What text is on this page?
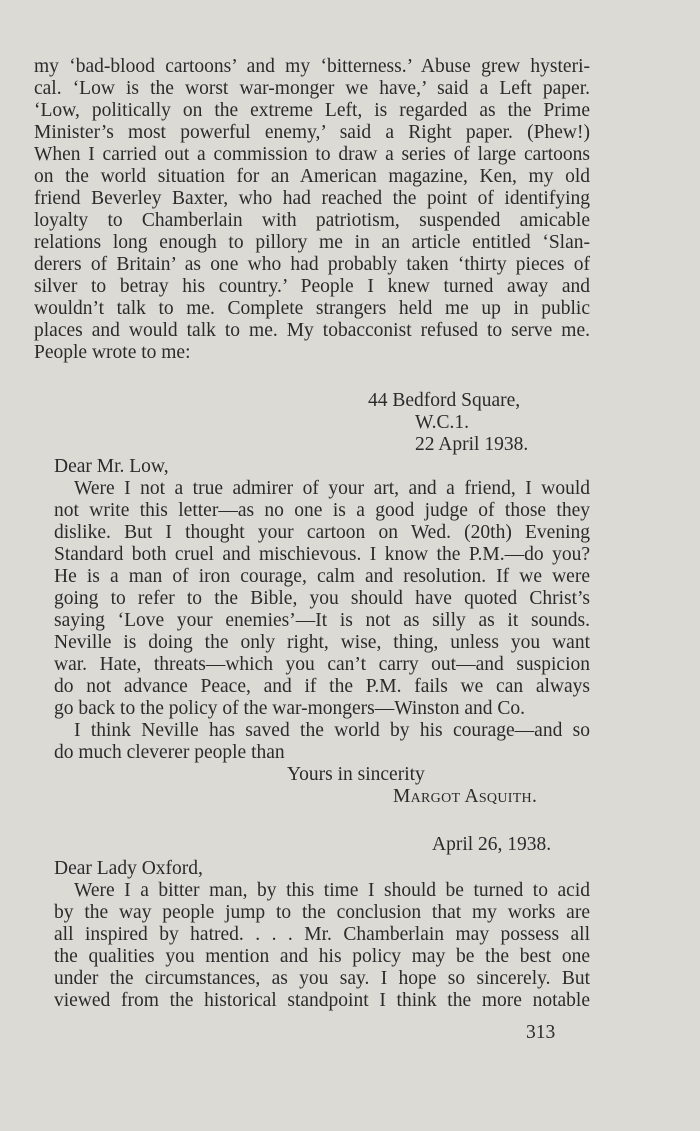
my ‘bad-blood cartoons’ and my ‘bitterness.’ Abuse grew hysteri-
cal. ‘Low is the worst war-monger we have,’ said a Left paper.
‘Low, politically on the extreme Left, is regarded as the Prime
Minister’s most powerful enemy,’ said a Right paper. (Phew!)
When I carried out a commission to draw a series of large cartoons
on the world situation for an American magazine, Ken, my old
friend Beverley Baxter, who had reached the point of identifying
loyalty to Chamberlain with patriotism, suspended amicable
relations long enough to pillory me in an article entitled ‘Slan-
derers of Britain’ as one who had probably taken ‘thirty pieces of
silver to betray his country.’ People I knew turned away and
wouldn’t talk to me. Complete strangers held me up in public
places and would talk to me. My tobacconist refused to serve me.
People wrote to me:
44 Bedford Square,
W.C.1.
22 April 1938.
Dear Mr. Low,
Were I not a true admirer of your art, and a friend, I would
not write this letter—as no one is a good judge of those they
dislike. But I thought your cartoon on Wed. (20th) Evening
Standard both cruel and mischievous. I know the P.M.—do you?
He is a man of iron courage, calm and resolution. If we were
going to refer to the Bible, you should have quoted Christ’s
saying ‘Love your enemies’—It is not as silly as it sounds.
Neville is doing the only right, wise, thing, unless you want
war. Hate, threats—which you can’t carry out—and suspicion
do not advance Peace, and if the P.M. fails we can always
go back to the policy of the war-mongers—Winston and Co.
I think Neville has saved the world by his courage—and so
do much cleverer people than
Yours in sincerity
Margot Asquith.
April 26, 1938.
Dear Lady Oxford,
Were I a bitter man, by this time I should be turned to acid
by the way people jump to the conclusion that my works are
all inspired by hatred. . . . Mr. Chamberlain may possess all
the qualities you mention and his policy may be the best one
under the circumstances, as you say. I hope so sincerely. But
viewed from the historical standpoint I think the more notable
313
